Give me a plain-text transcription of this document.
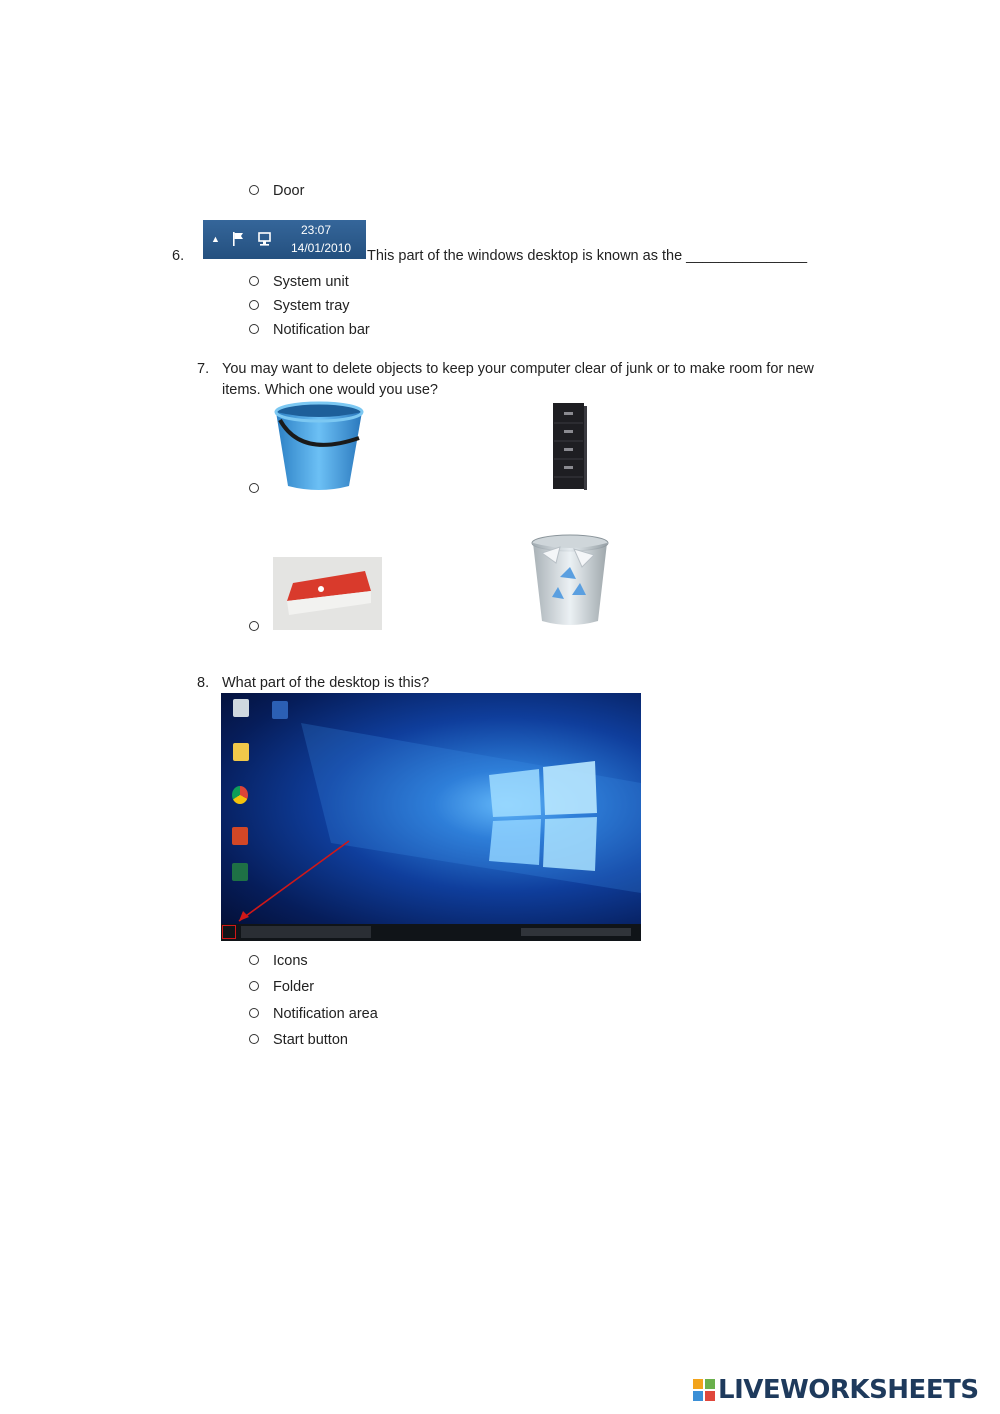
Door
6.
▲
23:07
14/01/2010 This part of the windows desktop is known as the _______________
System unit
System tray
Notification bar
7. You may want to delete objects to keep your computer clear of junk or to make room for new
items. Which one would you use?
8. What part of the desktop is this?
Icons
Folder
Notification area
Start button
LIVEWORKSHEETS
